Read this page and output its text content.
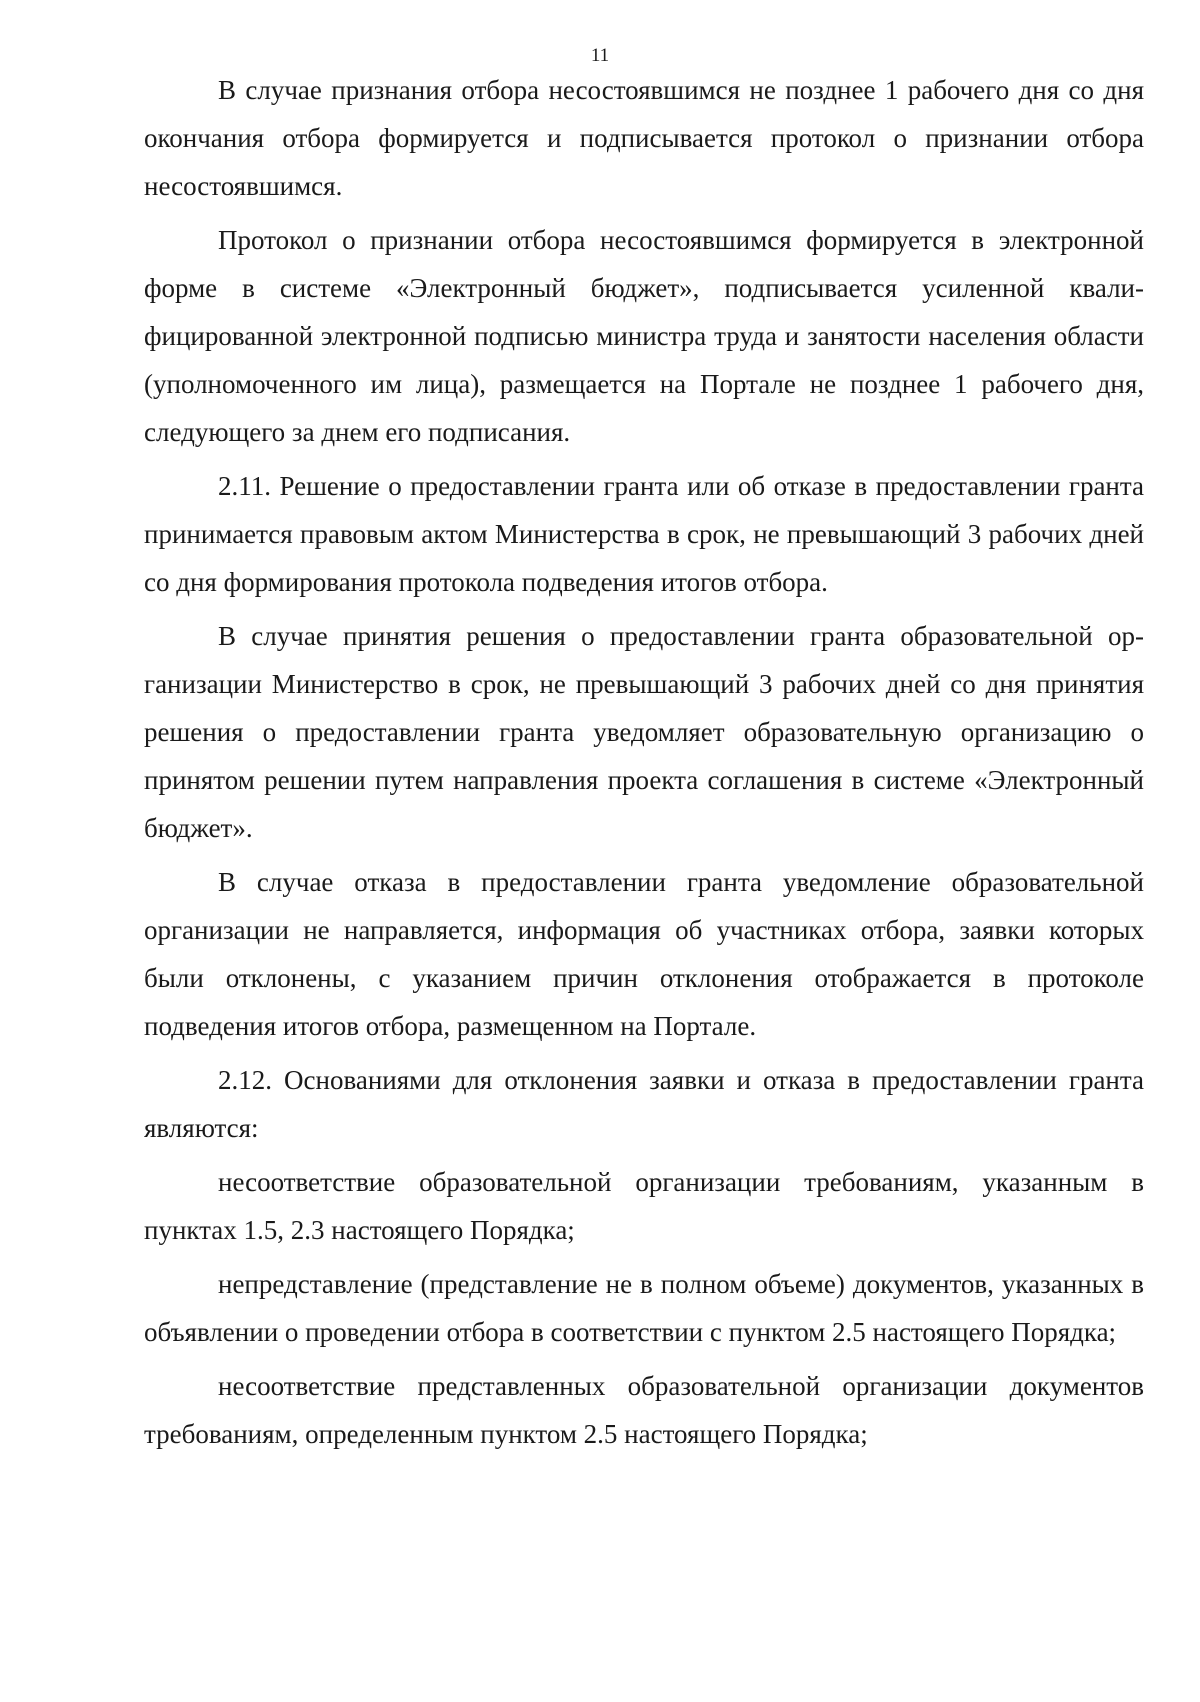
11

В случае признания отбора несостоявшимся не позднее 1 рабочего дня со дня окончания отбора формируется и подписывается протокол о признании отбора несостоявшимся.

Протокол о признании отбора несостоявшимся формируется в электронной форме в системе «Электронный бюджет», подписывается усиленной квалифицированной электронной подписью министра труда и занятости населения области (уполномоченного им лица), размещается на Портале не позднее 1 рабочего дня, следующего за днем его подписания.

2.11. Решение о предоставлении гранта или об отказе в предоставлении гранта принимается правовым актом Министерства в срок, не превышающий 3 рабочих дней со дня формирования протокола подведения итогов отбора.

В случае принятия решения о предоставлении гранта образовательной организации Министерство в срок, не превышающий 3 рабочих дней со дня принятия решения о предоставлении гранта уведомляет образовательную организацию о принятом решении путем направления проекта соглашения в системе «Электронный бюджет».

В случае отказа в предоставлении гранта уведомление образовательной организации не направляется, информация об участниках отбора, заявки которых были отклонены, с указанием причин отклонения отображается в протоколе подведения итогов отбора, размещенном на Портале.

2.12. Основаниями для отклонения заявки и отказа в предоставлении гранта являются:

несоответствие образовательной организации требованиям, указанным в пунктах 1.5, 2.3 настоящего Порядка;

непредставление (представление не в полном объеме) документов, указанных в объявлении о проведении отбора в соответствии с пунктом 2.5 настоящего Порядка;

несоответствие представленных образовательной организации документов требованиям, определенным пунктом 2.5 настоящего Порядка;
